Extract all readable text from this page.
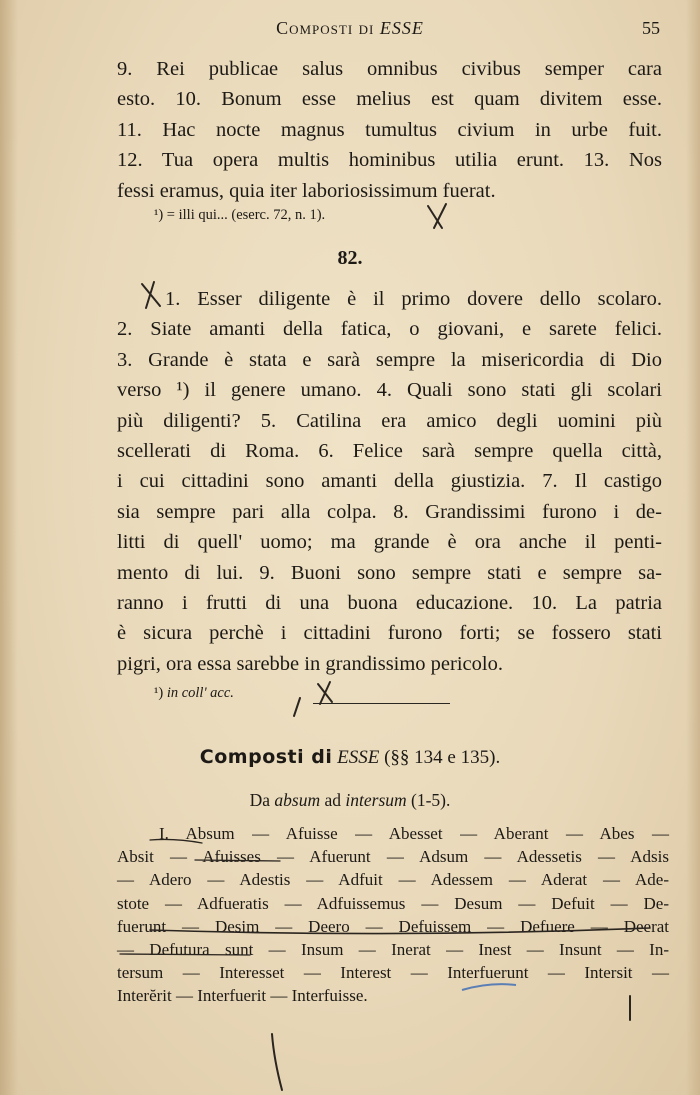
Composti di ESSE	55
9. Rei publicae salus omnibus civibus semper cara
esto. 10. Bonum esse melius est quam divitem esse.
11. Hac nocte magnus tumultus civium in urbe fuit.
12. Tua opera multis hominibus utilia erunt. 13. Nos
fessi eramus, quia iter laboriosissimum fuerat.
¹) = illi qui... (eserc. 72, n. 1).
82.
1. Esser diligente è il primo dovere dello scolaro.
2. Siate amanti della fatica, o giovani, e sarete felici.
3. Grande è stata e sarà sempre la misericordia di Dio
verso ¹) il genere umano. 4. Quali sono stati gli scolari
più diligenti? 5. Catilina era amico degli uomini più
scellerati di Roma. 6. Felice sarà sempre quella città,
i cui cittadini sono amanti della giustizia. 7. Il castigo
sia sempre pari alla colpa. 8. Grandissimi furono i de-
litti di quell' uomo; ma grande è ora anche il penti-
mento di lui. 9. Buoni sono sempre stati e sempre sa-
ranno i frutti di una buona educazione. 10. La patria
è sicura perchè i cittadini furono forti; se fossero stati
pigri, ora essa sarebbe in grandissimo pericolo.
¹) in coll' acc.
Composti di ESSE (§§ 134 e 135).
Da absum ad intersum (1-5).
I. Absum — Afuisse — Abesset — Aberant — Abes —
Absit — Afuisses — Afuerunt — Adsum — Adessetis — Adsis
— Adero — Adestis — Adfuit — Adessem — Aderat — Ade-
stote — Adfueratis — Adfuissemus — Desum — Defuit — De-
fuerunt — Desim — Deero — Defuissem — Defuere — Deerat
— Defutura sunt — Insum — Inerat — Inest — Insunt — In-
tersum — Interesset — Interest — Interfuerunt — Intersit —
Interĕrit — Interfuerit — Interfuisse.
